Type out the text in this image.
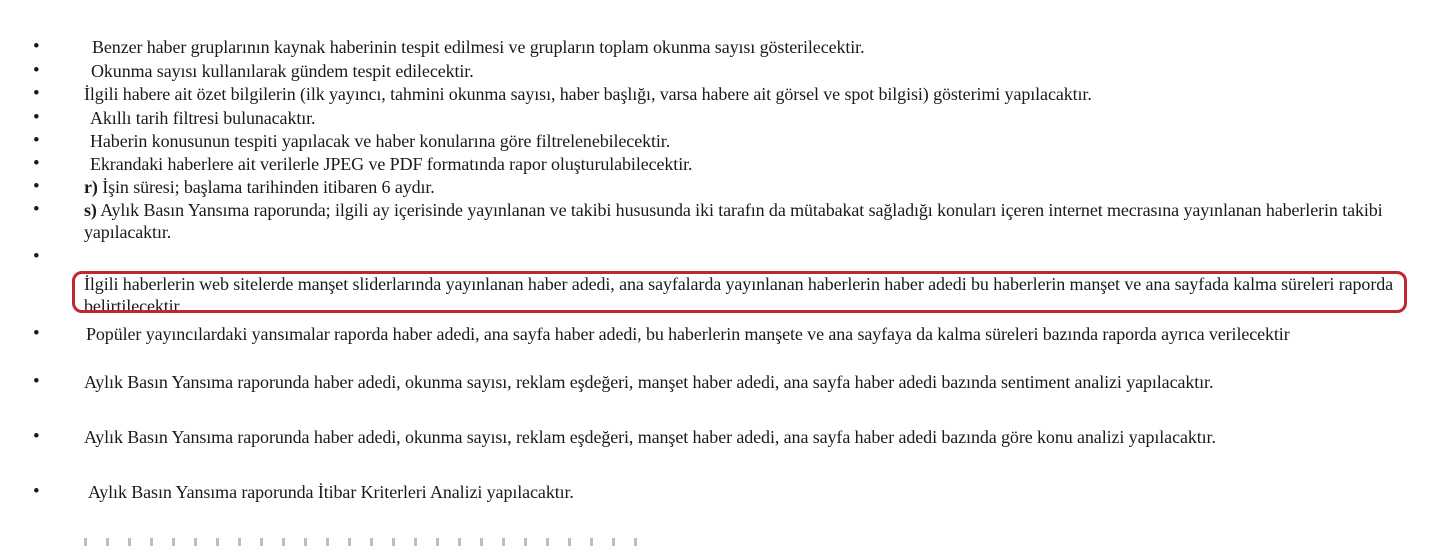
•	Benzer haber gruplarının kaynak haberinin tespit edilmesi ve grupların toplam okunma sayısı gösterilecektir.
•	Okunma sayısı kullanılarak gündem tespit edilecektir.
• İlgili habere ait özet bilgilerin (ilk yayıncı, tahmini okunma sayısı, haber başlığı, varsa habere ait görsel ve spot bilgisi) gösterimi yapılacaktır.
•	Akıllı tarih filtresi bulunacaktır.
•	Haberin konusunun tespiti yapılacak ve haber konularına göre filtrelenebilecektir.
•	Ekrandaki haberlere ait verilerle JPEG ve PDF formatında rapor oluşturulabilecektir.
• r) İşin süresi; başlama tarihinden itibaren 6 aydır.
• s) Aylık Basın Yansıma raporunda; ilgili ay içerisinde yayınlanan ve takibi hususunda iki tarafın da mütabakat sağladığı konuları içeren internet mecrasına yayınlanan haberlerin takibi yapılacaktır.
•
İlgili haberlerin web sitelerde manşet sliderlarında yayınlanan haber adedi, ana sayfalarda yayınlanan haberlerin haber adedi bu haberlerin manşet ve ana sayfada kalma süreleri raporda belirtilecektir.
•	Popüler yayıncılardaki yansımalar raporda haber adedi, ana sayfa haber adedi, bu haberlerin manşete ve ana sayfaya da kalma süreleri bazında raporda ayrıca verilecektir
• Aylık Basın Yansıma raporunda haber adedi, okunma sayısı, reklam eşdeğeri, manşet haber adedi, ana sayfa haber adedi bazında sentiment analizi yapılacaktır.
• Aylık Basın Yansıma raporunda haber adedi, okunma sayısı, reklam eşdeğeri, manşet haber adedi, ana sayfa haber adedi bazında göre konu analizi yapılacaktır.
•	Aylık Basın Yansıma raporunda İtibar Kriterleri Analizi yapılacaktır.
